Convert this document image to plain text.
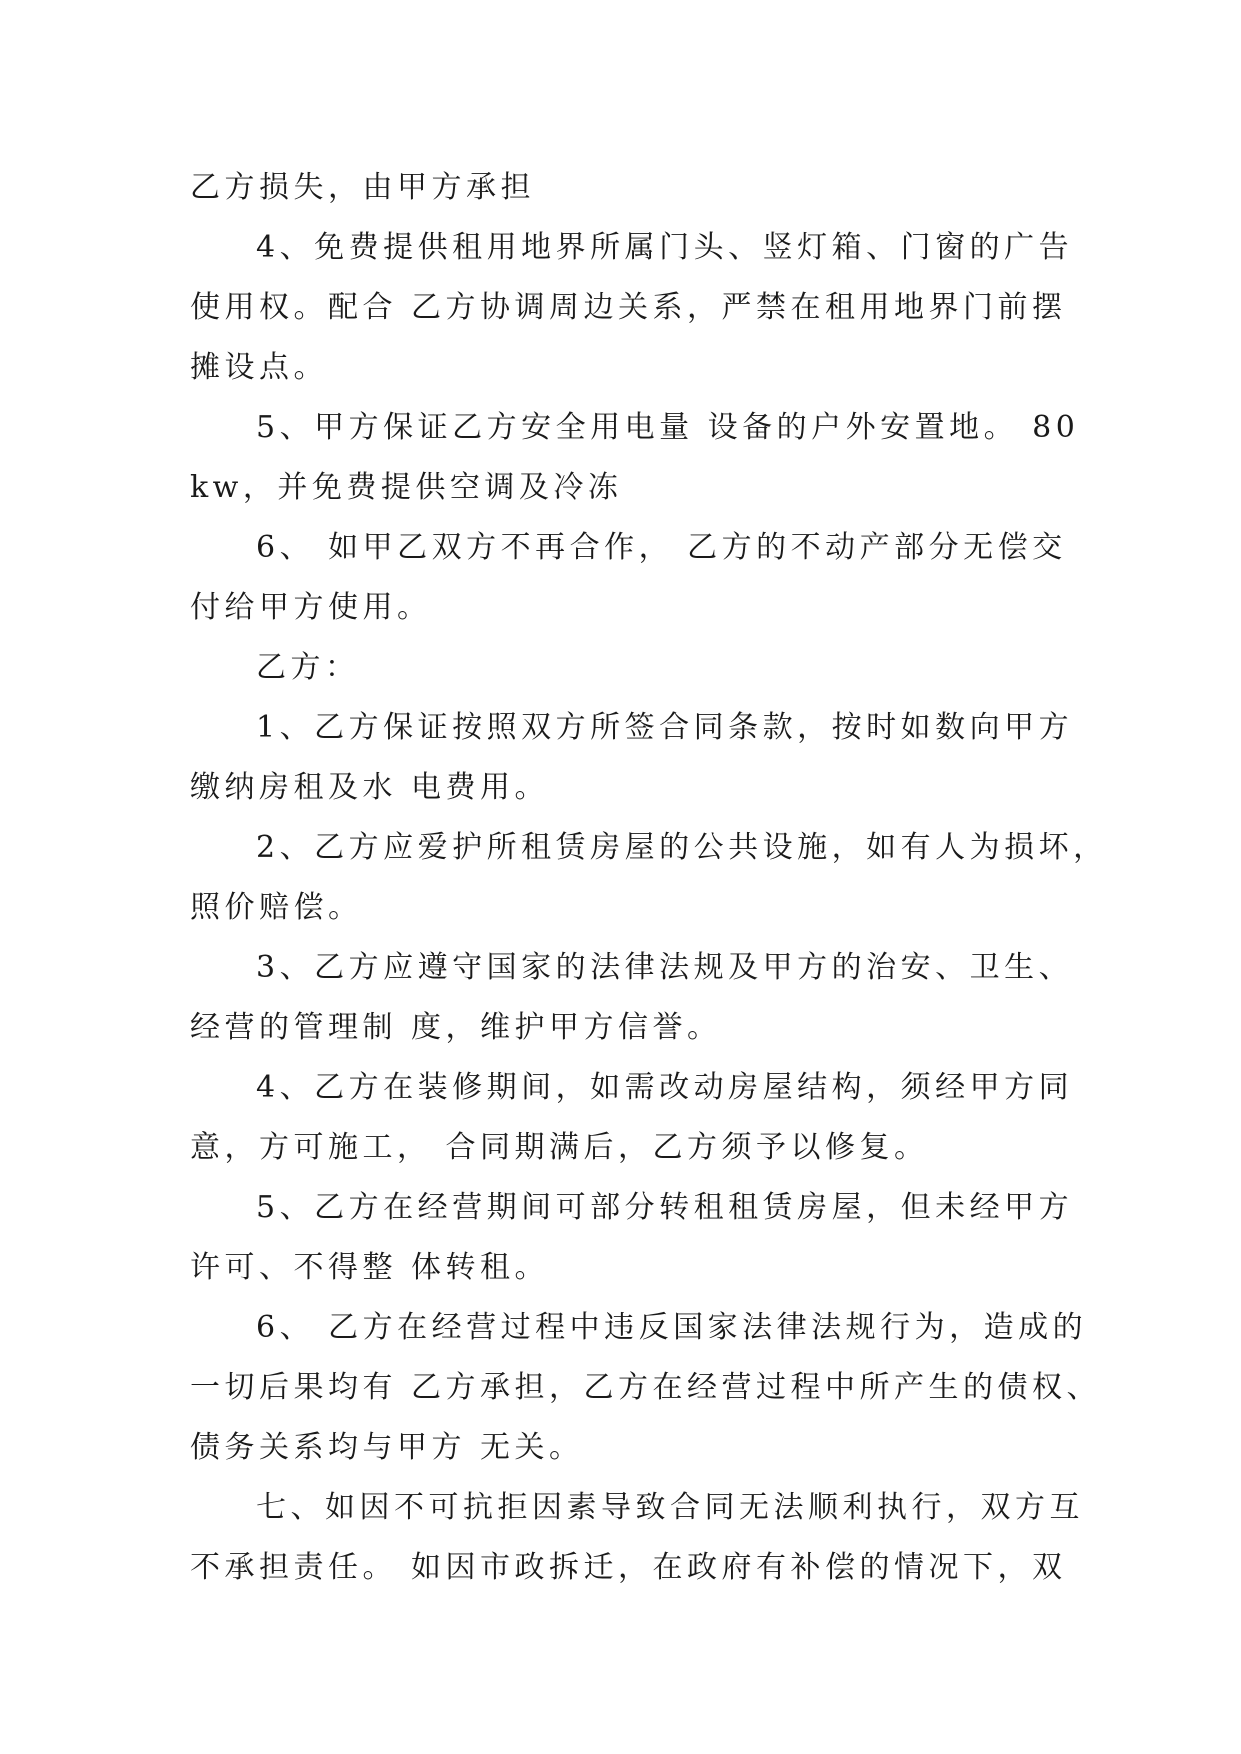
乙方损失，由甲方承担
4、免费提供租用地界所属门头、竖灯箱、门窗的广告
使用权。配合 乙方协调周边关系，严禁在租用地界门前摆
摊设点。
5、甲方保证乙方安全用电量 设备的户外安置地。 80
kw，并免费提供空调及冷冻
6、 如甲乙双方不再合作， 乙方的不动产部分无偿交
付给甲方使用。
乙方：
1、乙方保证按照双方所签合同条款，按时如数向甲方
缴纳房租及水 电费用。
2、乙方应爱护所租赁房屋的公共设施，如有人为损坏，
照价赔偿。
3、乙方应遵守国家的法律法规及甲方的治安、卫生、
经营的管理制 度，维护甲方信誉。
4、乙方在装修期间，如需改动房屋结构，须经甲方同
意，方可施工， 合同期满后，乙方须予以修复。
5、乙方在经营期间可部分转租租赁房屋，但未经甲方
许可、不得整 体转租。
6、 乙方在经营过程中违反国家法律法规行为，造成的
一切后果均有 乙方承担，乙方在经营过程中所产生的债权、
债务关系均与甲方 无关。
七、如因不可抗拒因素导致合同无法顺利执行，双方互
不承担责任。 如因市政拆迁，在政府有补偿的情况下，双
